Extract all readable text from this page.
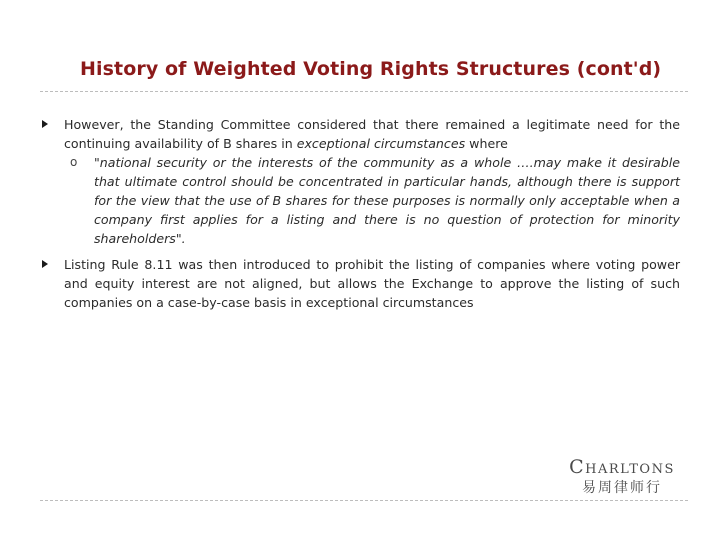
History of Weighted Voting Rights Structures (cont'd)
However, the Standing Committee considered that there remained a legitimate need for the continuing availability of B shares in exceptional circumstances where
o "national security or the interests of the community as a whole ….may make it desirable that ultimate control should be concentrated in particular hands, although there is support for the view that the use of B shares for these purposes is normally only acceptable when a company first applies for a listing and there is no question of protection for minority shareholders".
Listing Rule 8.11 was then introduced to prohibit the listing of companies where voting power and equity interest are not aligned, but allows the Exchange to approve the listing of such companies on a case-by-case basis in exceptional circumstances
Charltons
易周律师行
